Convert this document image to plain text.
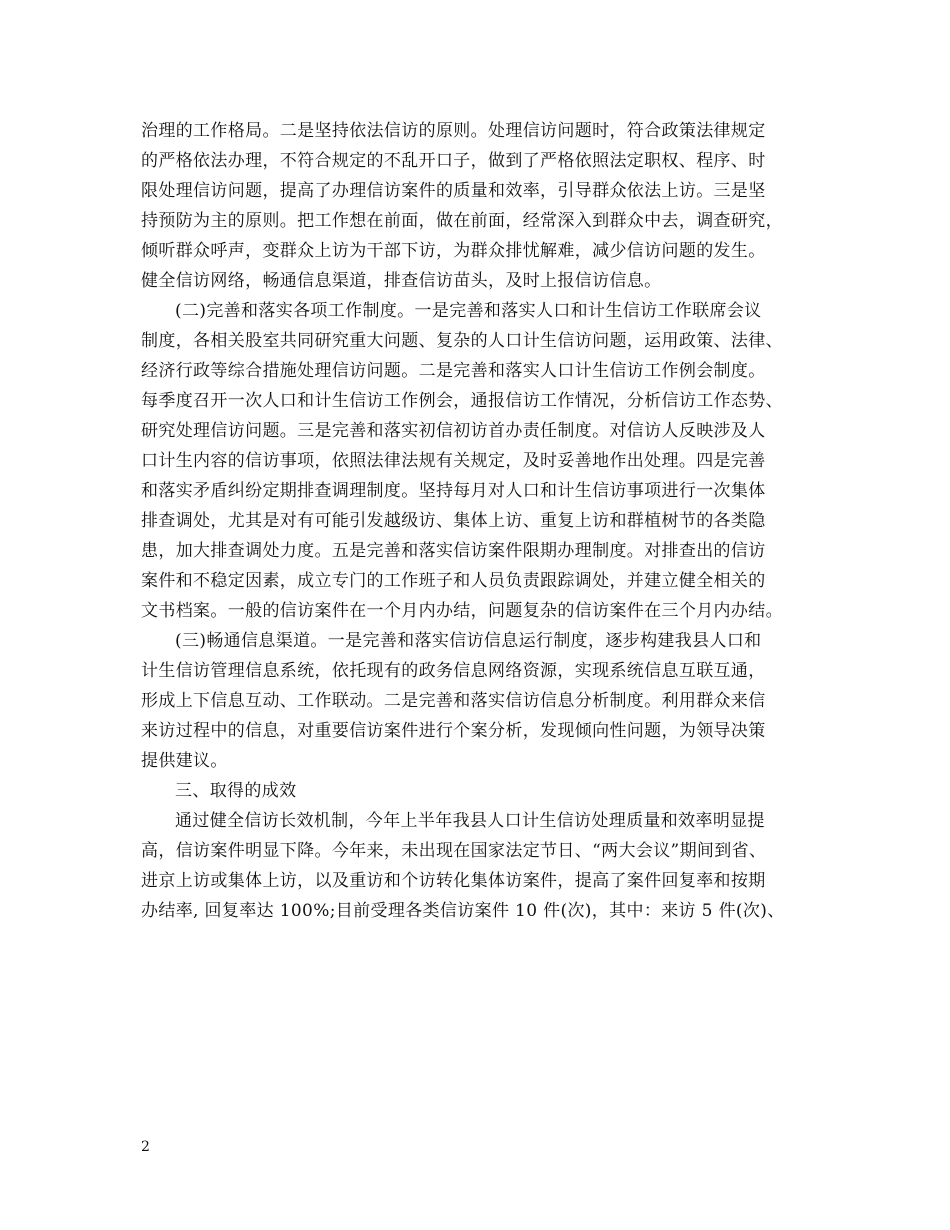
治理的工作格局。二是坚持依法信访的原则。处理信访问题时，符合政策法律规定
的严格依法办理，不符合规定的不乱开口子，做到了严格依照法定职权、程序、时
限处理信访问题，提高了办理信访案件的质量和效率，引导群众依法上访。三是坚
持预防为主的原则。把工作想在前面，做在前面，经常深入到群众中去，调查研究，
倾听群众呼声，变群众上访为干部下访，为群众排忧解难，减少信访问题的发生。
健全信访网络，畅通信息渠道，排查信访苗头，及时上报信访信息。
(二)完善和落实各项工作制度。一是完善和落实人口和计生信访工作联席会议
制度，各相关股室共同研究重大问题、复杂的人口计生信访问题，运用政策、法律、
经济行政等综合措施处理信访问题。二是完善和落实人口计生信访工作例会制度。
每季度召开一次人口和计生信访工作例会，通报信访工作情况，分析信访工作态势、
研究处理信访问题。三是完善和落实初信初访首办责任制度。对信访人反映涉及人
口计生内容的信访事项，依照法律法规有关规定，及时妥善地作出处理。四是完善
和落实矛盾纠纷定期排查调理制度。坚持每月对人口和计生信访事项进行一次集体
排查调处，尤其是对有可能引发越级访、集体上访、重复上访和群植树节的各类隐
患，加大排查调处力度。五是完善和落实信访案件限期办理制度。对排查出的信访
案件和不稳定因素，成立专门的工作班子和人员负责跟踪调处，并建立健全相关的
文书档案。一般的信访案件在一个月内办结，问题复杂的信访案件在三个月内办结。
(三)畅通信息渠道。一是完善和落实信访信息运行制度，逐步构建我县人口和
计生信访管理信息系统，依托现有的政务信息网络资源，实现系统信息互联互通，
形成上下信息互动、工作联动。二是完善和落实信访信息分析制度。利用群众来信
来访过程中的信息，对重要信访案件进行个案分析，发现倾向性问题，为领导决策
提供建议。
三、取得的成效
通过健全信访长效机制，今年上半年我县人口计生信访处理质量和效率明显提
高，信访案件明显下降。今年来，未出现在国家法定节日、“两大会议”期间到省、
进京上访或集体上访，以及重访和个访转化集体访案件，提高了案件回复率和按期
办结率, 回复率达 100%;目前受理各类信访案件 10 件(次)，其中：来访 5 件(次)、
2
